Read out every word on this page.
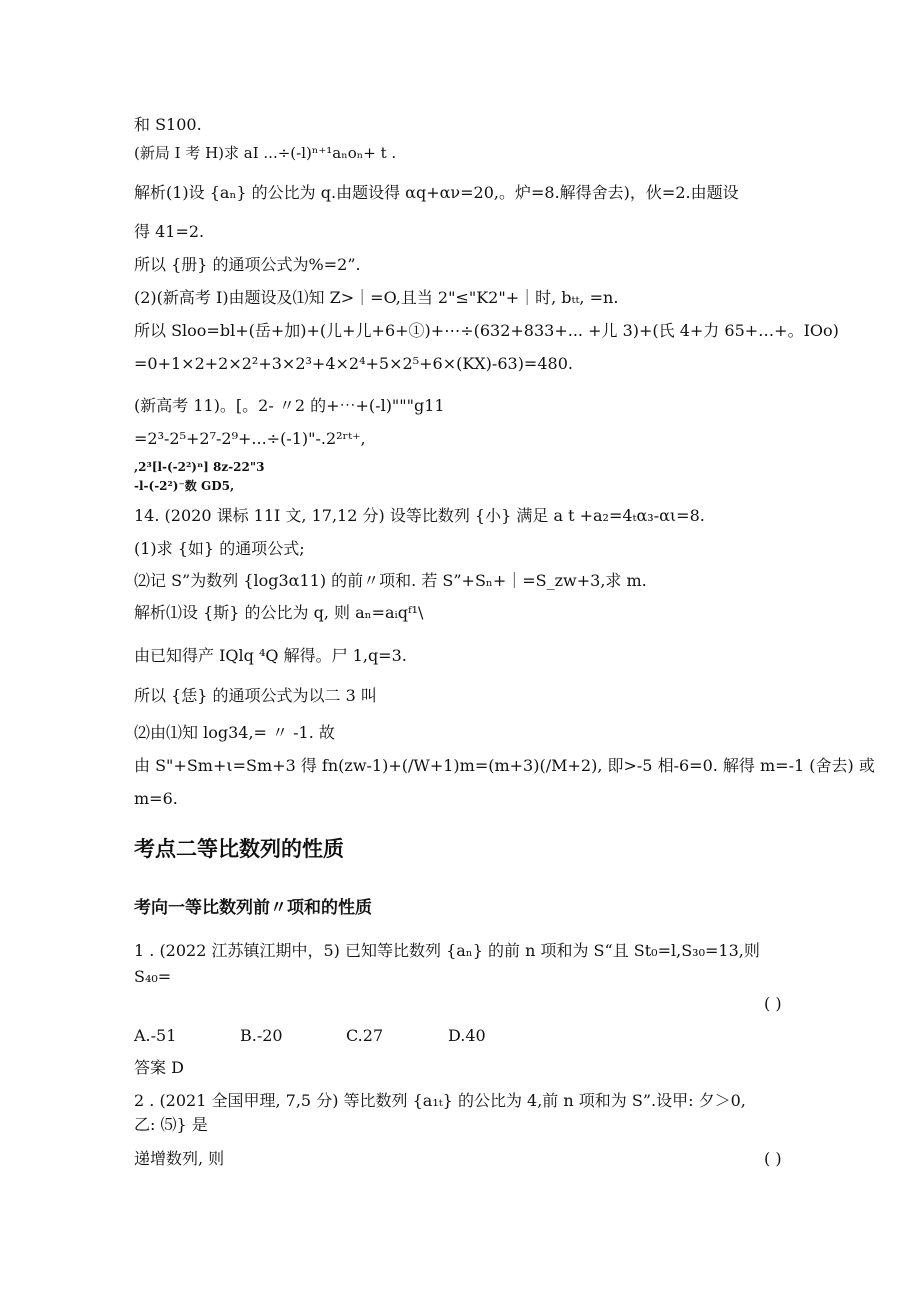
和 S100.
(新局 I 考 H)求 aI ...÷(-l)ⁿ⁺¹aₙoₙ+ t .
解析(1)设 {aₙ} 的公比为 q.由题设得 αq+αν=20,。炉=8.解得舍去)，伙=2.由题设
得 41=2.
所以 {册} 的通项公式为%=2”.
(2)(新高考 I)由题设及⑴知 Z>｜=O,且当 2"≤"K2"+｜时, bₜₜ, =n.
所以 Sloo=bl+(岳+加)+(儿+儿+6+①)+⋯÷(632+833+... +儿 3)+(氏 4+力 65+…+。IOo)
=0+1×2+2×2²+3×2³+4×2⁴+5×2⁵+6×(KX)-63)=480.
(新高考 11)。[。2- 〃2 的+⋯+(-l)"""g11
=2³-2⁵+2⁷-2⁹+...÷(-1)"-.2²ʳᵗ⁺,
,2³[l-(-2²)ⁿ] 8z-22"3
-l-(-2²)⁻数 GD5,
14. (2020 课标 11I 文, 17,12 分) 设等比数列 {小} 满足 a t +a₂=4ₜα₃-αι=8.
(1)求 {如} 的通项公式;
⑵记 S”为数列 {log3α11) 的前〃项和. 若 S”+Sₙ+｜=S_zw+3,求 m.
解析⑴设 {斯} 的公比为 q, 则 aₙ=aᵢqᶠ¹\
由已知得产 IQlq ⁴Q 解得。尸 1,q=3.
所以 {恁} 的通项公式为以二 3 叫
⑵由⑴知 log34,= 〃 -1. 故
由 S"+Sm+ι=Sm+3 得 fn(zw-1)+(/W+1)m=(m+3)(/M+2), 即>-5 相-6=0. 解得 m=-1 (舍去) 或
m=6.
考点二等比数列的性质
考向一等比数列前〃项和的性质
1 . (2022 江苏镇江期中，5) 已知等比数列 {aₙ} 的前 n 项和为 S“且 St₀=l,S₃₀=13,则
S₄₀=
( )
A.-51	B.-20	C.27	D.40
答案 D
2 . (2021 全国甲理, 7,5 分) 等比数列 {a₁ₜ} 的公比为 4,前 n 项和为 S”.设甲: 夕＞0,
乙: ⑸} 是
递增数列, 则	( )
